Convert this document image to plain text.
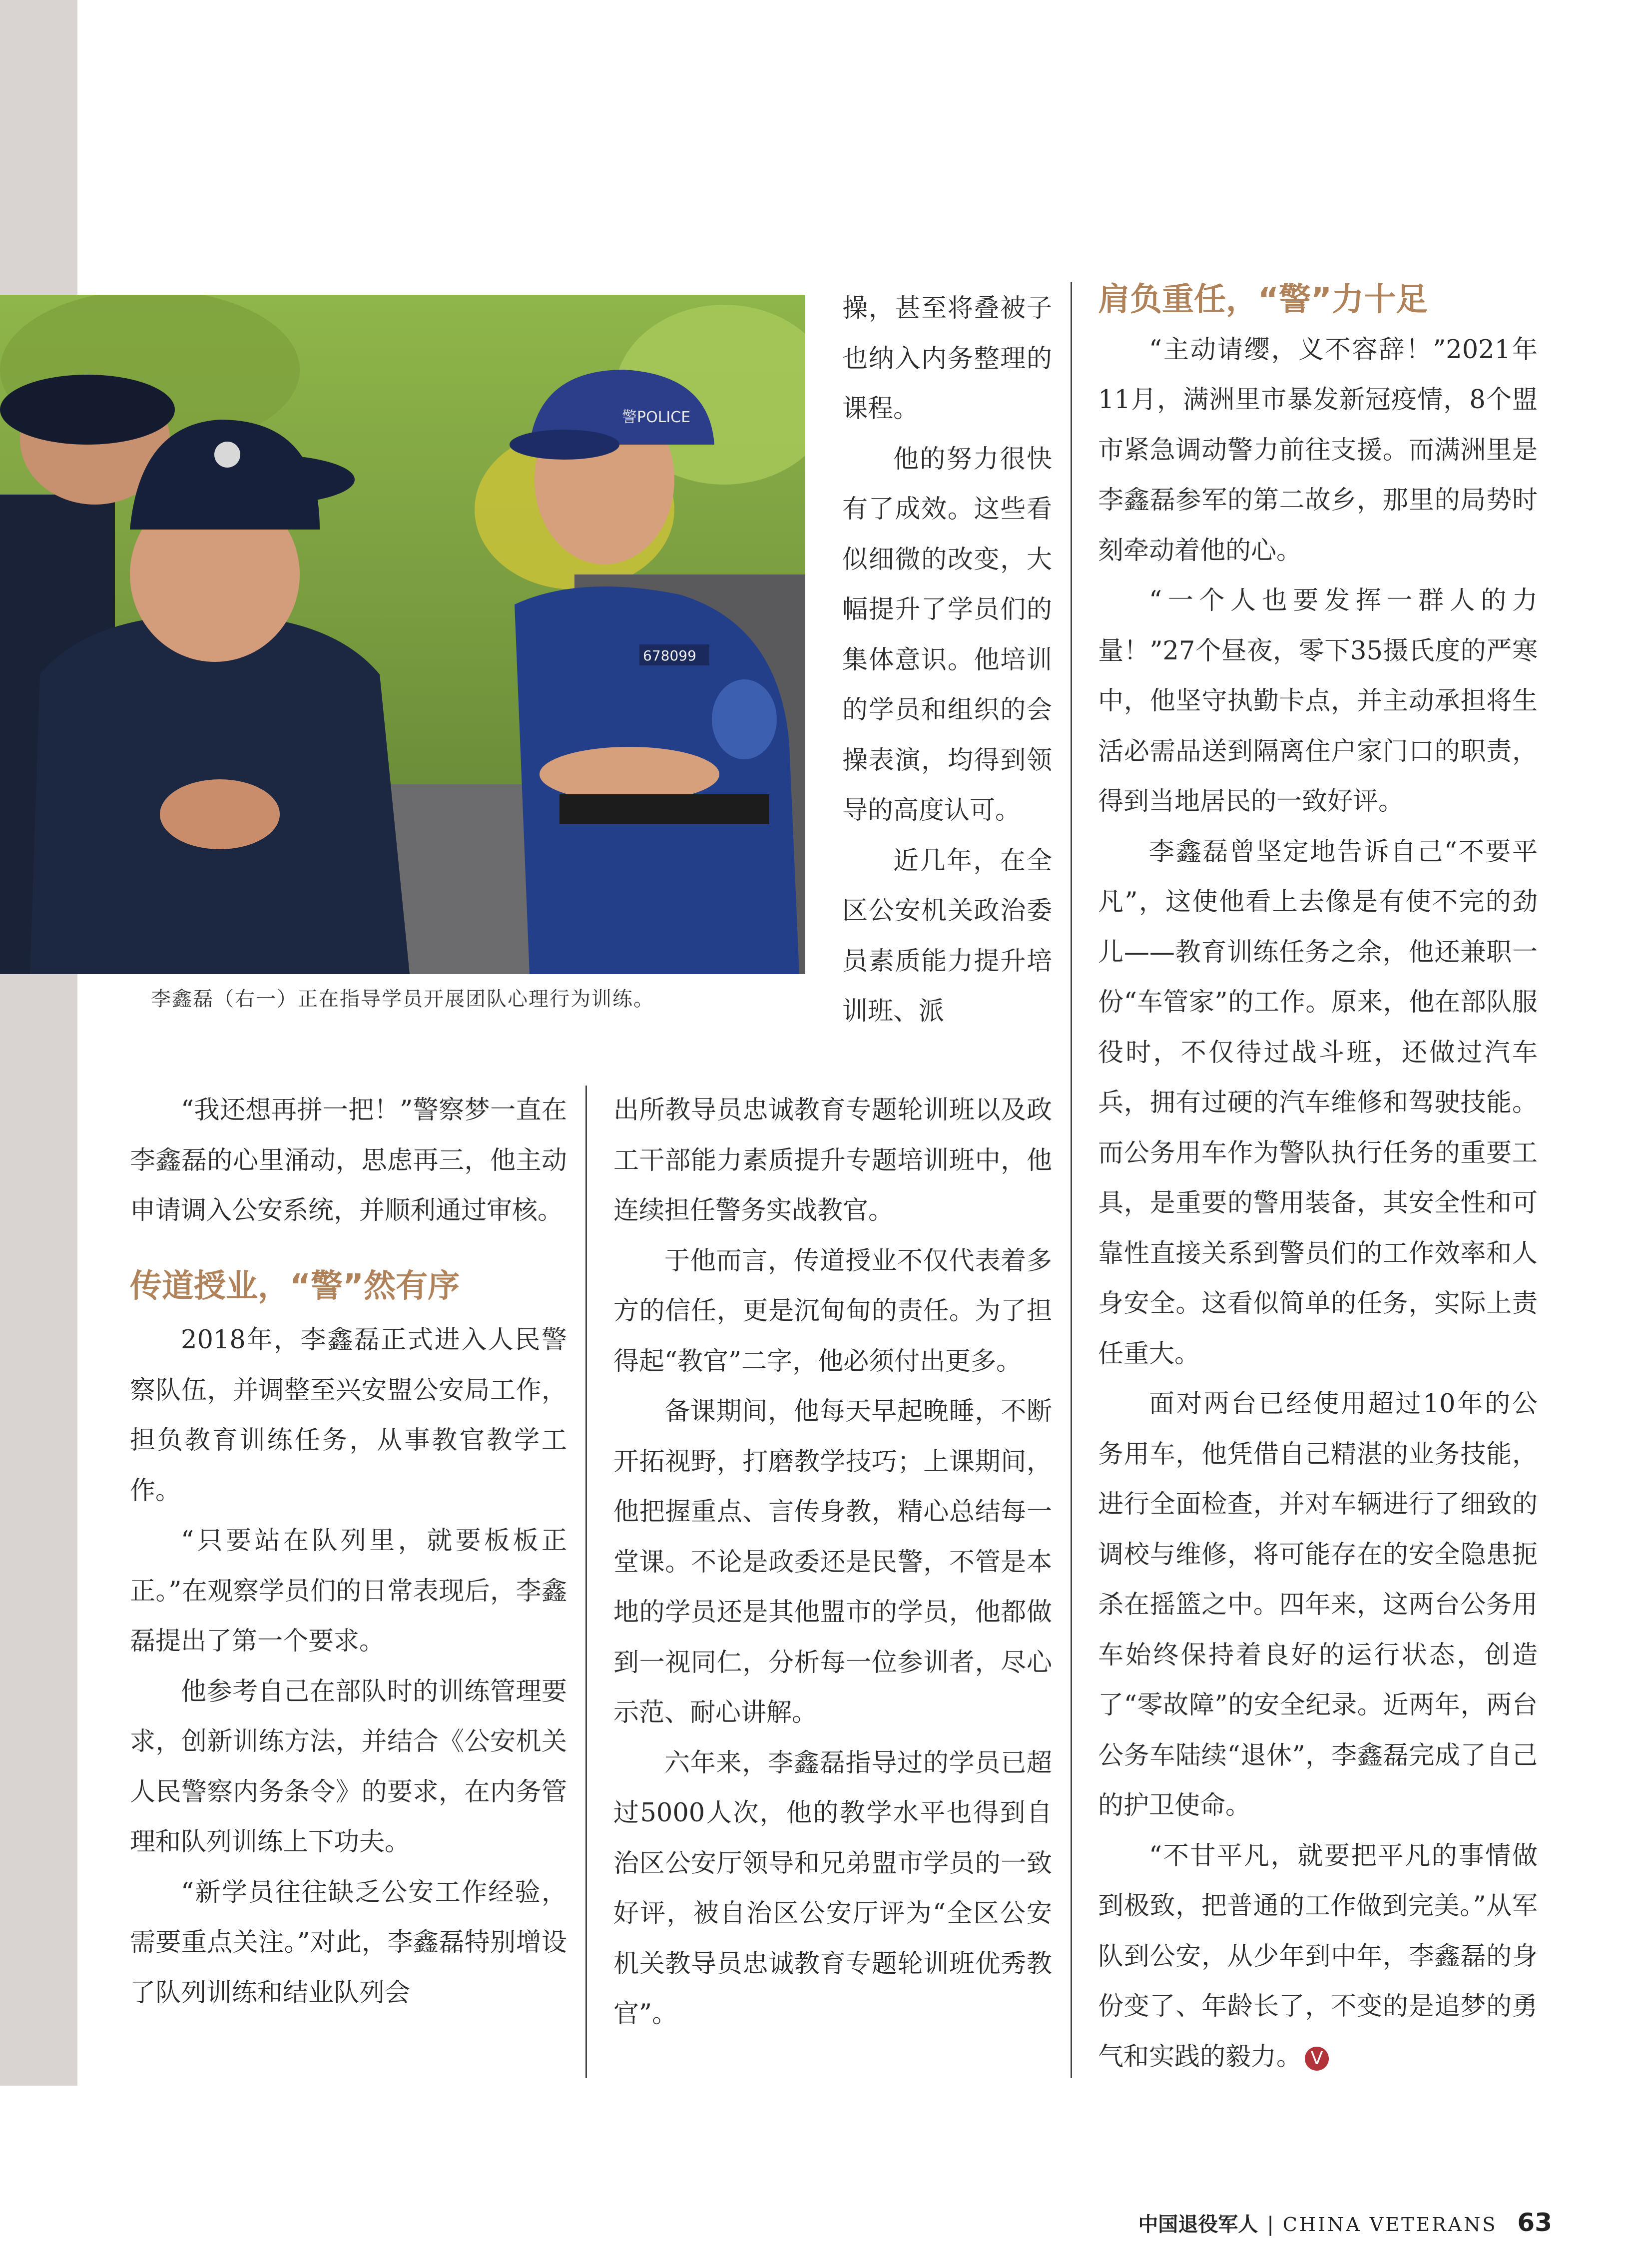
警POLICE
678099
李鑫磊（右一）正在指导学员开展团队心理行为训练。

操，甚至将叠被子也纳入内务整理的课程。

他的努力很快有了成效。这些看似细微的改变，大幅提升了学员们的集体意识。他培训的学员和组织的会操表演，均得到领导的高度认可。

近几年，在全区公安机关政治委员素质能力提升培训班、派

“我还想再拼一把！”警察梦一直在李鑫磊的心里涌动，思虑再三，他主动申请调入公安系统，并顺利通过审核。

传道授业，“警”然有序

2018年，李鑫磊正式进入人民警察队伍，并调整至兴安盟公安局工作，担负教育训练任务，从事教官教学工作。

“只要站在队列里，就要板板正正。”在观察学员们的日常表现后，李鑫磊提出了第一个要求。

他参考自己在部队时的训练管理要求，创新训练方法，并结合《公安机关人民警察内务条令》的要求，在内务管理和队列训练上下功夫。

“新学员往往缺乏公安工作经验，需要重点关注。”对此，李鑫磊特别增设了队列训练和结业队列会

出所教导员忠诚教育专题轮训班以及政工干部能力素质提升专题培训班中，他连续担任警务实战教官。

于他而言，传道授业不仅代表着多方的信任，更是沉甸甸的责任。为了担得起“教官”二字，他必须付出更多。

备课期间，他每天早起晚睡，不断开拓视野，打磨教学技巧；上课期间，他把握重点、言传身教，精心总结每一堂课。不论是政委还是民警，不管是本地的学员还是其他盟市的学员，他都做到一视同仁，分析每一位参训者，尽心示范、耐心讲解。

六年来，李鑫磊指导过的学员已超过5000人次，他的教学水平也得到自治区公安厅领导和兄弟盟市学员的一致好评，被自治区公安厅评为“全区公安机关教导员忠诚教育专题轮训班优秀教官”。

肩负重任，“警”力十足

“主动请缨，义不容辞！”2021年11月，满洲里市暴发新冠疫情，8个盟市紧急调动警力前往支援。而满洲里是李鑫磊参军的第二故乡，那里的局势时刻牵动着他的心。

“一个人也要发挥一群人的力量！”27个昼夜，零下35摄氏度的严寒中，他坚守执勤卡点，并主动承担将生活必需品送到隔离住户家门口的职责，得到当地居民的一致好评。

李鑫磊曾坚定地告诉自己“不要平凡”，这使他看上去像是有使不完的劲儿——教育训练任务之余，他还兼职一份“车管家”的工作。原来，他在部队服役时，不仅待过战斗班，还做过汽车兵，拥有过硬的汽车维修和驾驶技能。而公务用车作为警队执行任务的重要工具，是重要的警用装备，其安全性和可靠性直接关系到警员们的工作效率和人身安全。这看似简单的任务，实际上责任重大。

面对两台已经使用超过10年的公务用车，他凭借自己精湛的业务技能，进行全面检查，并对车辆进行了细致的调校与维修，将可能存在的安全隐患扼杀在摇篮之中。四年来，这两台公务用车始终保持着良好的运行状态，创造了“零故障”的安全纪录。近两年，两台公务车陆续“退休”，李鑫磊完成了自己的护卫使命。

“不甘平凡，就要把平凡的事情做到极致，把普通的工作做到完美。”从军队到公安，从少年到中年，李鑫磊的身份变了、年龄长了，不变的是追梦的勇气和实践的毅力。 V

中国退役军人 | CHINA VETERANS 63
